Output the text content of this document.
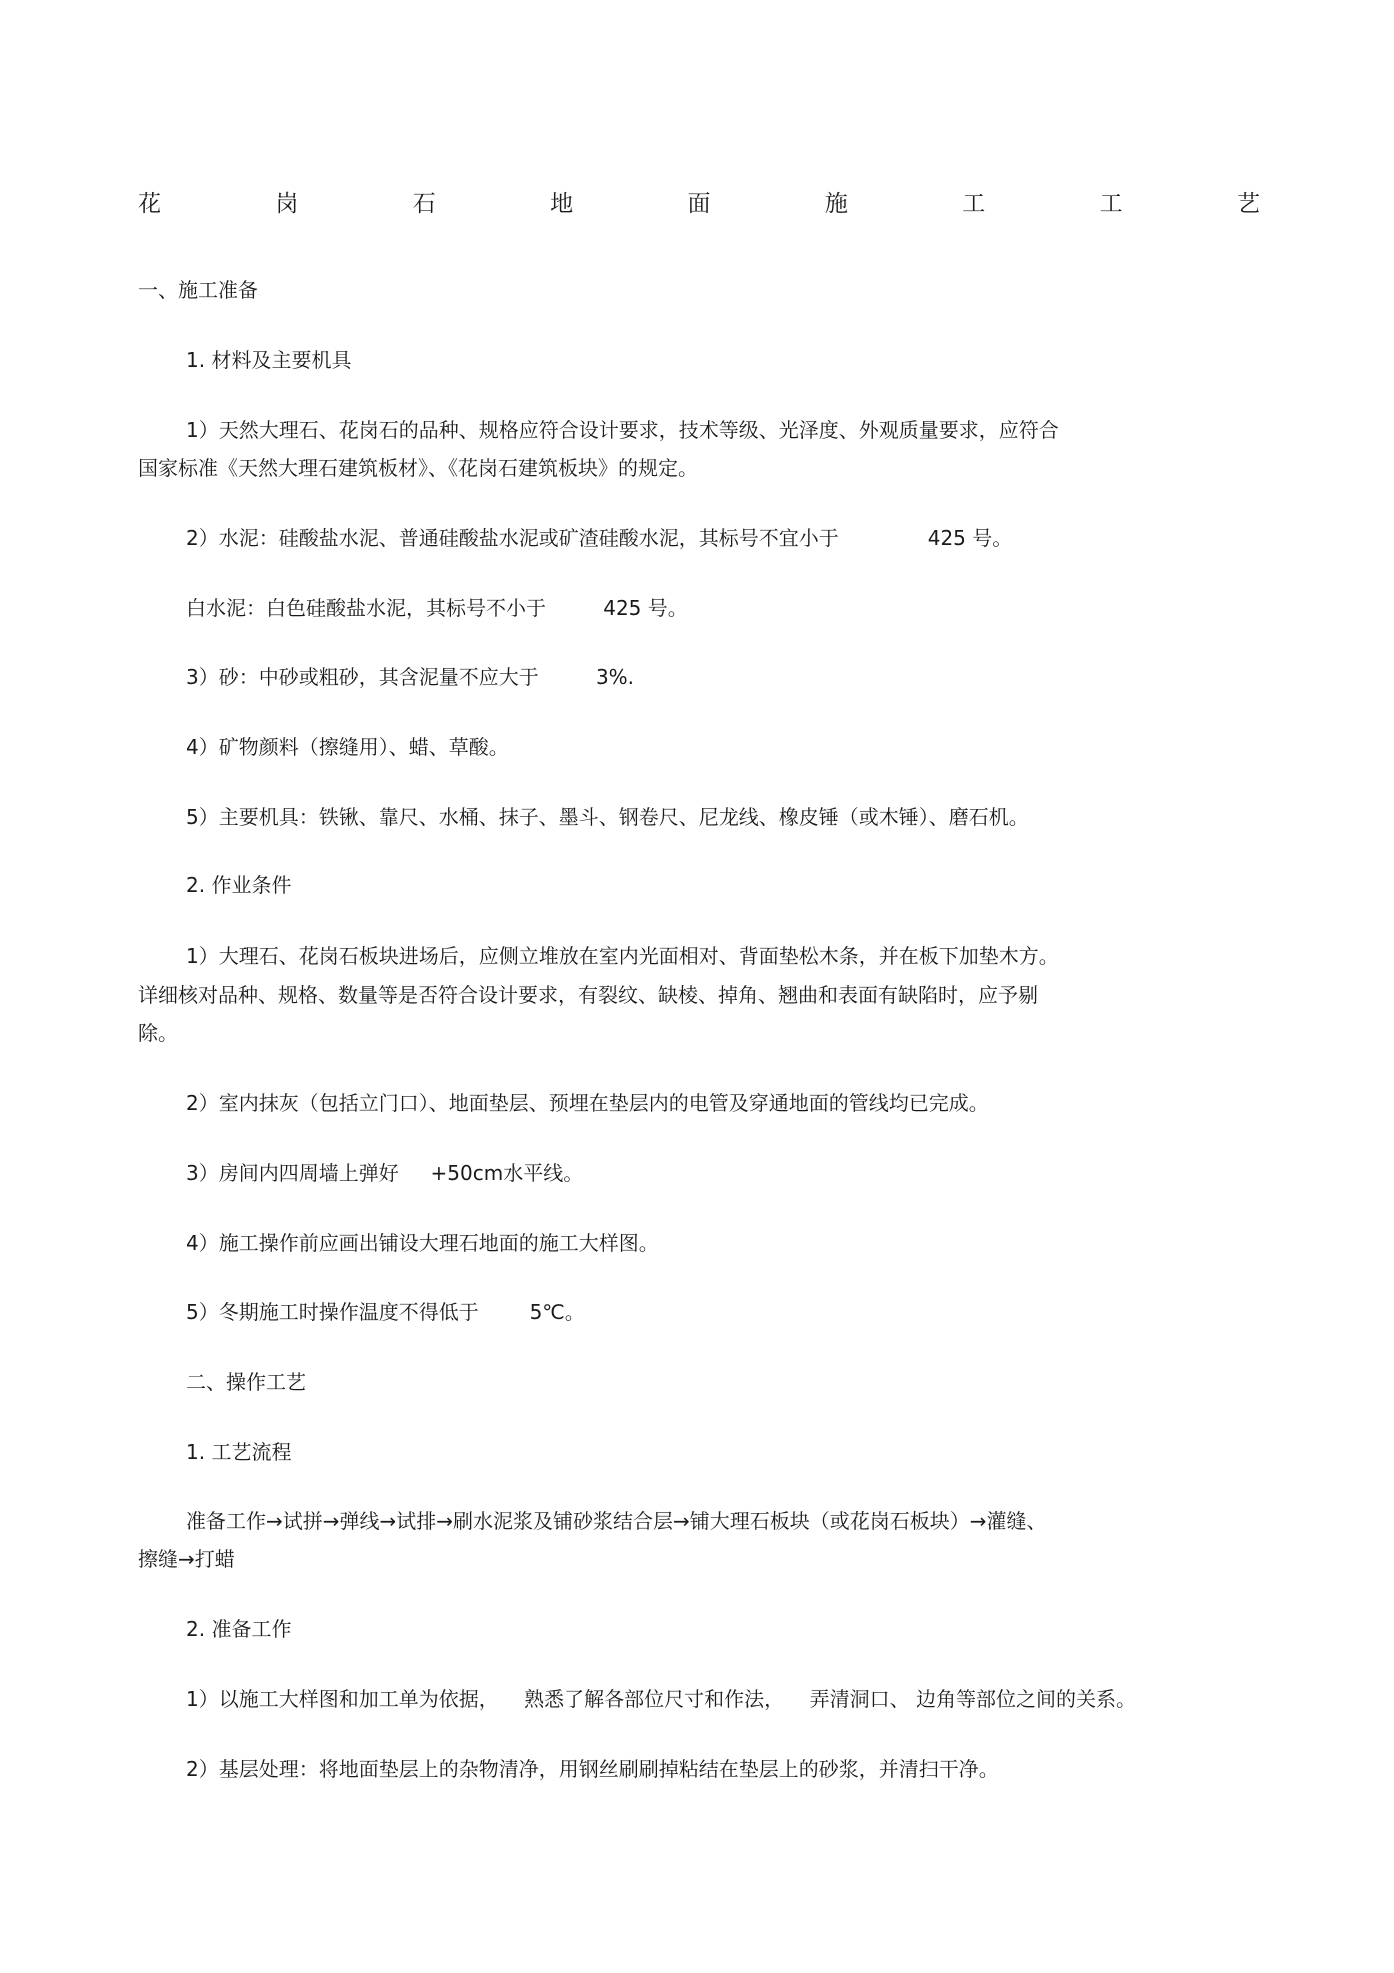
花	岗	石	地	面	施	工	工	艺
一、施工准备
1. 材料及主要机具
1）天然大理石、花岗石的品种、规格应符合设计要求，技术等级、光泽度、外观质量要求，应符合
国家标准《天然大理石建筑板材》、《花岗石建筑板块》的规定。
2）水泥：硅酸盐水泥、普通硅酸盐水泥或矿渣硅酸水泥，其标号不宜小于              425 号。
白水泥：白色硅酸盐水泥，其标号不小于         425 号。
3）砂：中砂或粗砂，其含泥量不应大于         3%.
4）矿物颜料（擦缝用）、蜡、草酸。
5）主要机具：铁锹、靠尺、水桶、抹子、墨斗、钢卷尺、尼龙线、橡皮锤（或木锤）、磨石机。
2. 作业条件
1）大理石、花岗石板块进场后，应侧立堆放在室内光面相对、背面垫松木条，并在板下加垫木方。
详细核对品种、规格、数量等是否符合设计要求，有裂纹、缺棱、掉角、翘曲和表面有缺陷时，应予剔
除。
2）室内抹灰（包括立门口）、地面垫层、预埋在垫层内的电管及穿通地面的管线均已完成。
3）房间内四周墙上弹好     +50cm水平线。
4）施工操作前应画出铺设大理石地面的施工大样图。
5）冬期施工时操作温度不得低于        5℃。
二、操作工艺
1. 工艺流程
准备工作→试拼→弹线→试排→刷水泥浆及铺砂浆结合层→铺大理石板块（或花岗石板块）→灌缝、
擦缝→打蜡
2. 准备工作
1）以施工大样图和加工单为依据，    熟悉了解各部位尺寸和作法，    弄清洞口、 边角等部位之间的关系。
2）基层处理：将地面垫层上的杂物清净，用钢丝刷刷掉粘结在垫层上的砂浆，并清扫干净。
